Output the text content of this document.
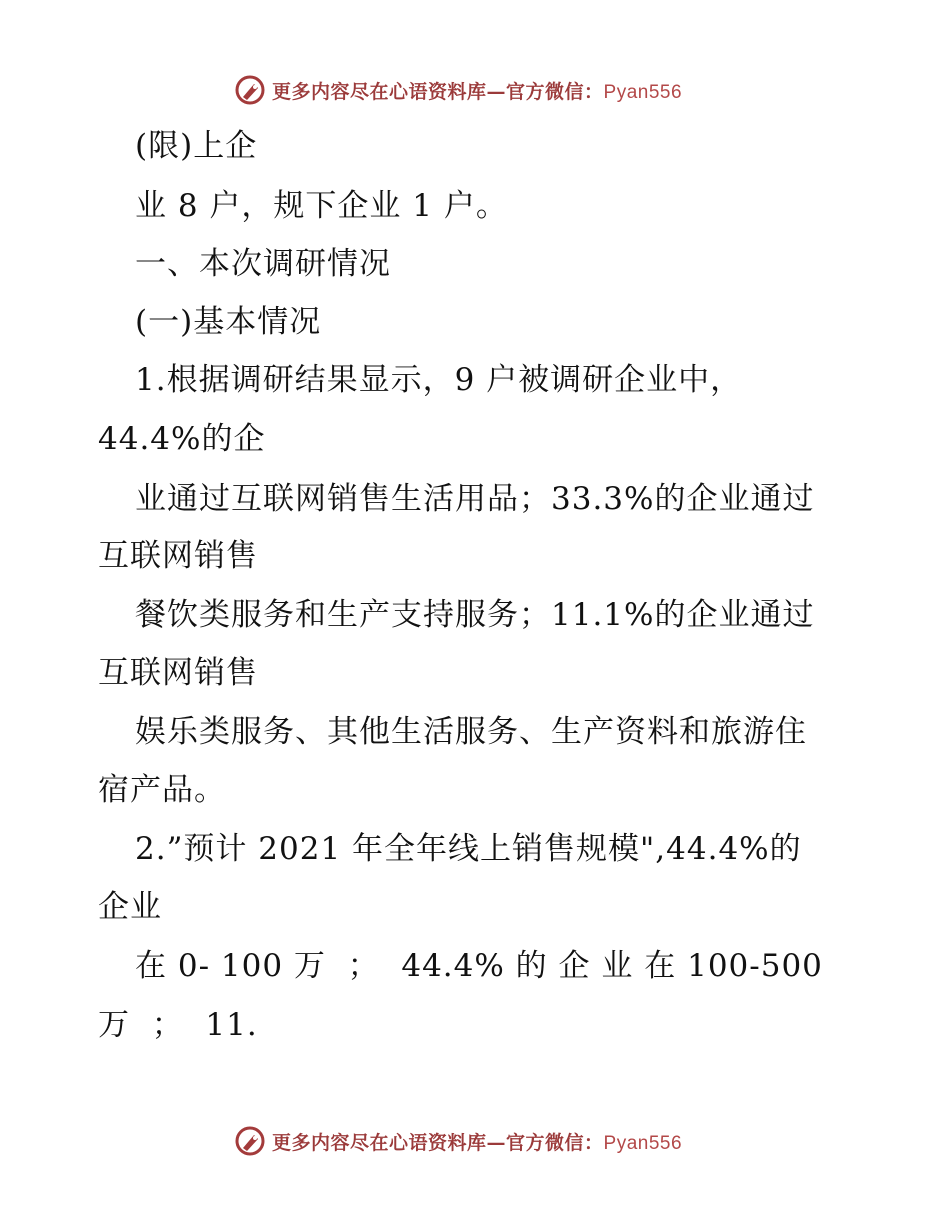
更多内容尽在心语资料库—官方微信：Pyan556
(限)上企
业 8 户，规下企业 1 户。
一、本次调研情况
(一)基本情况
1.根据调研结果显示，9 户被调研企业中，
44.4%的企
业通过互联网销售生活用品；33.3%的企业通过
互联网销售
餐饮类服务和生产支持服务；11.1%的企业通过
互联网销售
娱乐类服务、其他生活服务、生产资料和旅游住
宿产品。
2.”预计 2021 年全年线上销售规模",44.4%的
企业
在 0- 100 万  ；  44.4% 的 企 业 在 100-500
万  ；  11.
更多内容尽在心语资料库—官方微信：Pyan556
